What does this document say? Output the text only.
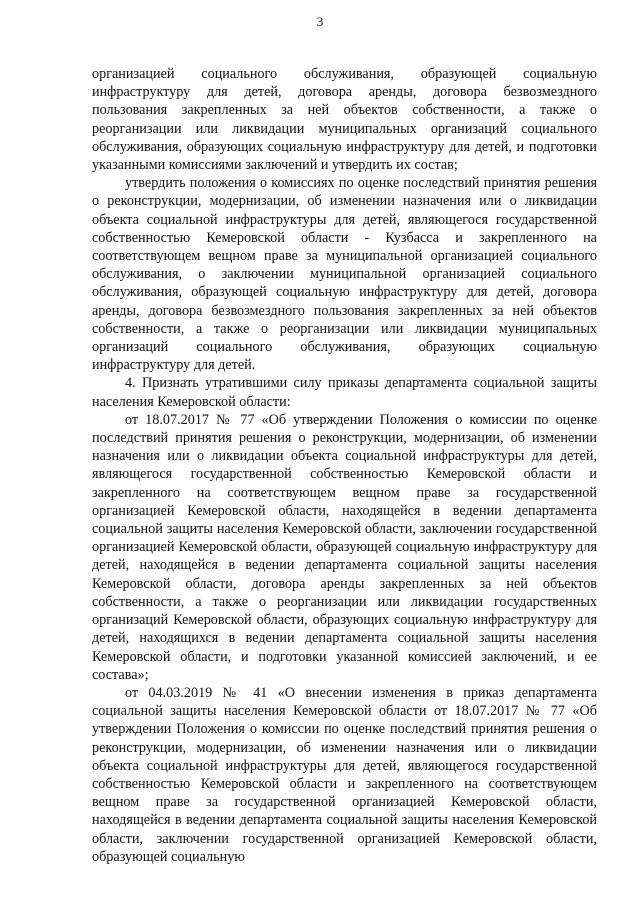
3

организацией социального обслуживания, образующей социальную инфраструктуру для детей, договора аренды, договора безвозмездного пользования закрепленных за ней объектов собственности, а также о реорганизации или ликвидации муниципальных организаций социального обслуживания, образующих социальную инфраструктуру для детей, и подготовки указанными комиссиями заключений и утвердить их состав;

утвердить положения о комиссиях по оценке последствий принятия решения о реконструкции, модернизации, об изменении назначения или о ликвидации объекта социальной инфраструктуры для детей, являющегося государственной собственностью Кемеровской области - Кузбасса и закрепленного на соответствующем вещном праве за муниципальной организацией социального обслуживания, о заключении муниципальной организацией социального обслуживания, образующей социальную инфраструктуру для детей, договора аренды, договора безвозмездного пользования закрепленных за ней объектов собственности, а также о реорганизации или ликвидации муниципальных организаций социального обслуживания, образующих социальную инфраструктуру для детей.

4. Признать утратившими силу приказы департамента социальной защиты населения Кемеровской области:

от 18.07.2017 № 77 «Об утверждении Положения о комиссии по оценке последствий принятия решения о реконструкции, модернизации, об изменении назначения или о ликвидации объекта социальной инфраструктуры для детей, являющегося государственной собственностью Кемеровской области и закрепленного на соответствующем вещном праве за государственной организацией Кемеровской области, находящейся в ведении департамента социальной защиты населения Кемеровской области, заключении государственной организацией Кемеровской области, образующей социальную инфраструктуру для детей, находящейся в ведении департамента социальной защиты населения Кемеровской области, договора аренды закрепленных за ней объектов собственности, а также о реорганизации или ликвидации государственных организаций Кемеровской области, образующих социальную инфраструктуру для детей, находящихся в ведении департамента социальной защиты населения Кемеровской области, и подготовки указанной комиссией заключений, и ее состава»;

от 04.03.2019 № 41 «О внесении изменения в приказ департамента социальной защиты населения Кемеровской области от 18.07.2017 № 77 «Об утверждении Положения о комиссии по оценке последствий принятия решения о реконструкции, модернизации, об изменении назначения или о ликвидации объекта социальной инфраструктуры для детей, являющегося государственной собственностью Кемеровской области и закрепленного на соответствующем вещном праве за государственной организацией Кемеровской области, находящейся в ведении департамента социальной защиты населения Кемеровской области, заключении государственной организацией Кемеровской области, образующей социальную
